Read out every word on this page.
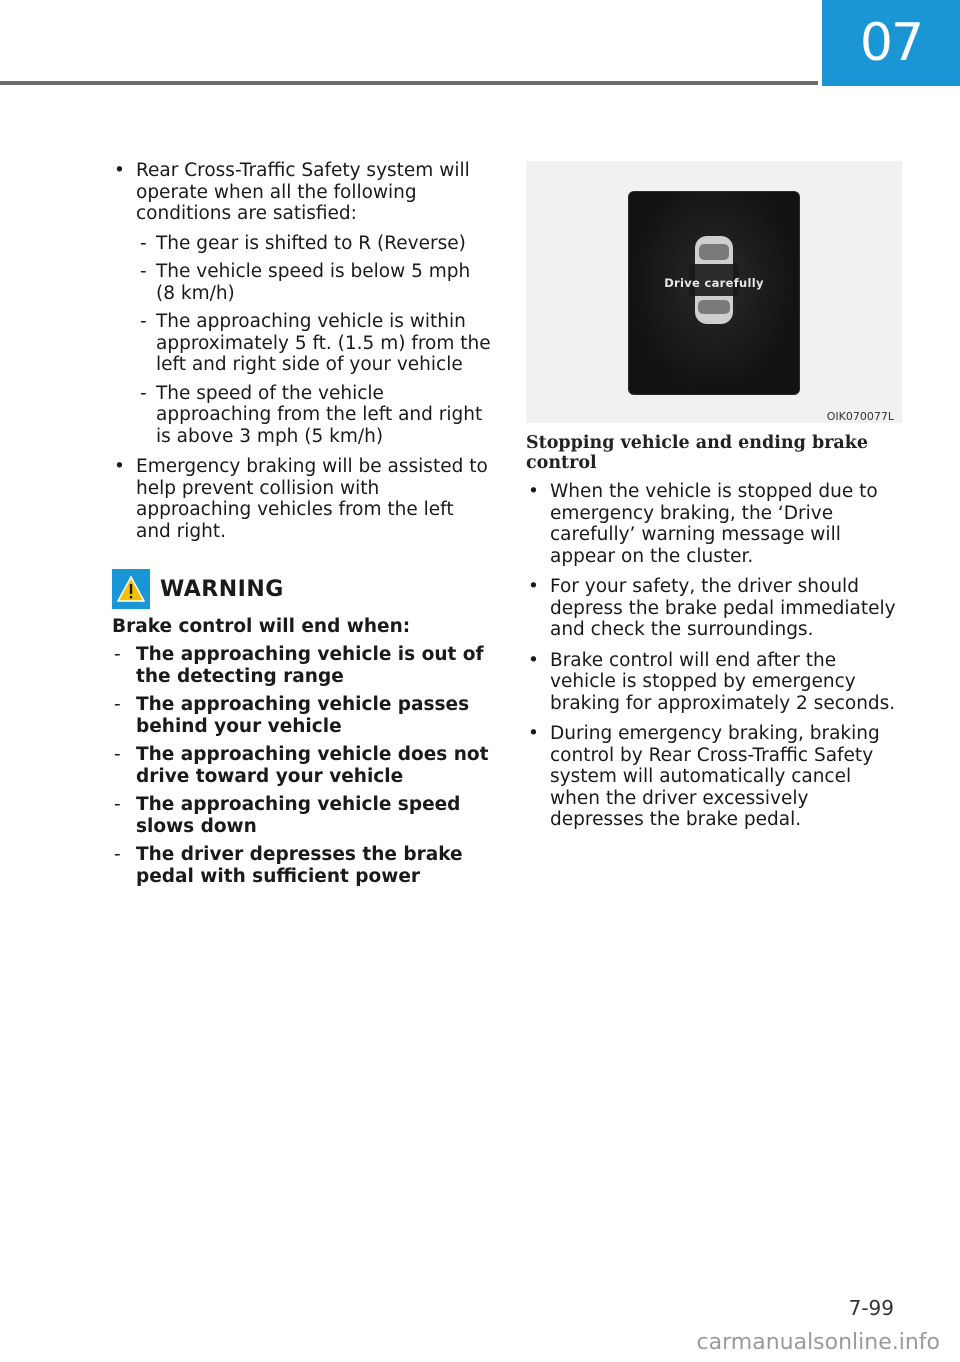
07
• Rear Cross-Traffic Safety system will operate when all the following conditions are satisfied:
- The gear is shifted to R (Reverse)
- The vehicle speed is below 5 mph (8 km/h)
- The approaching vehicle is within approximately 5 ft. (1.5 m) from the left and right side of your vehicle
- The speed of the vehicle approaching from the left and right is above 3 mph (5 km/h)
• Emergency braking will be assisted to help prevent collision with approaching vehicles from the left and right.
WARNING
Brake control will end when:
- The approaching vehicle is out of the detecting range
- The approaching vehicle passes behind your vehicle
- The approaching vehicle does not drive toward your vehicle
- The approaching vehicle speed slows down
- The driver depresses the brake pedal with sufficient power
Drive carefully
OIK070077L
Stopping vehicle and ending brake control
• When the vehicle is stopped due to emergency braking, the ‘Drive carefully’ warning message will appear on the cluster.
• For your safety, the driver should depress the brake pedal immediately and check the surroundings.
• Brake control will end after the vehicle is stopped by emergency braking for approximately 2 seconds.
• During emergency braking, braking control by Rear Cross-Traffic Safety system will automatically cancel when the driver excessively depresses the brake pedal.
7-99
carmanualsonline.info
